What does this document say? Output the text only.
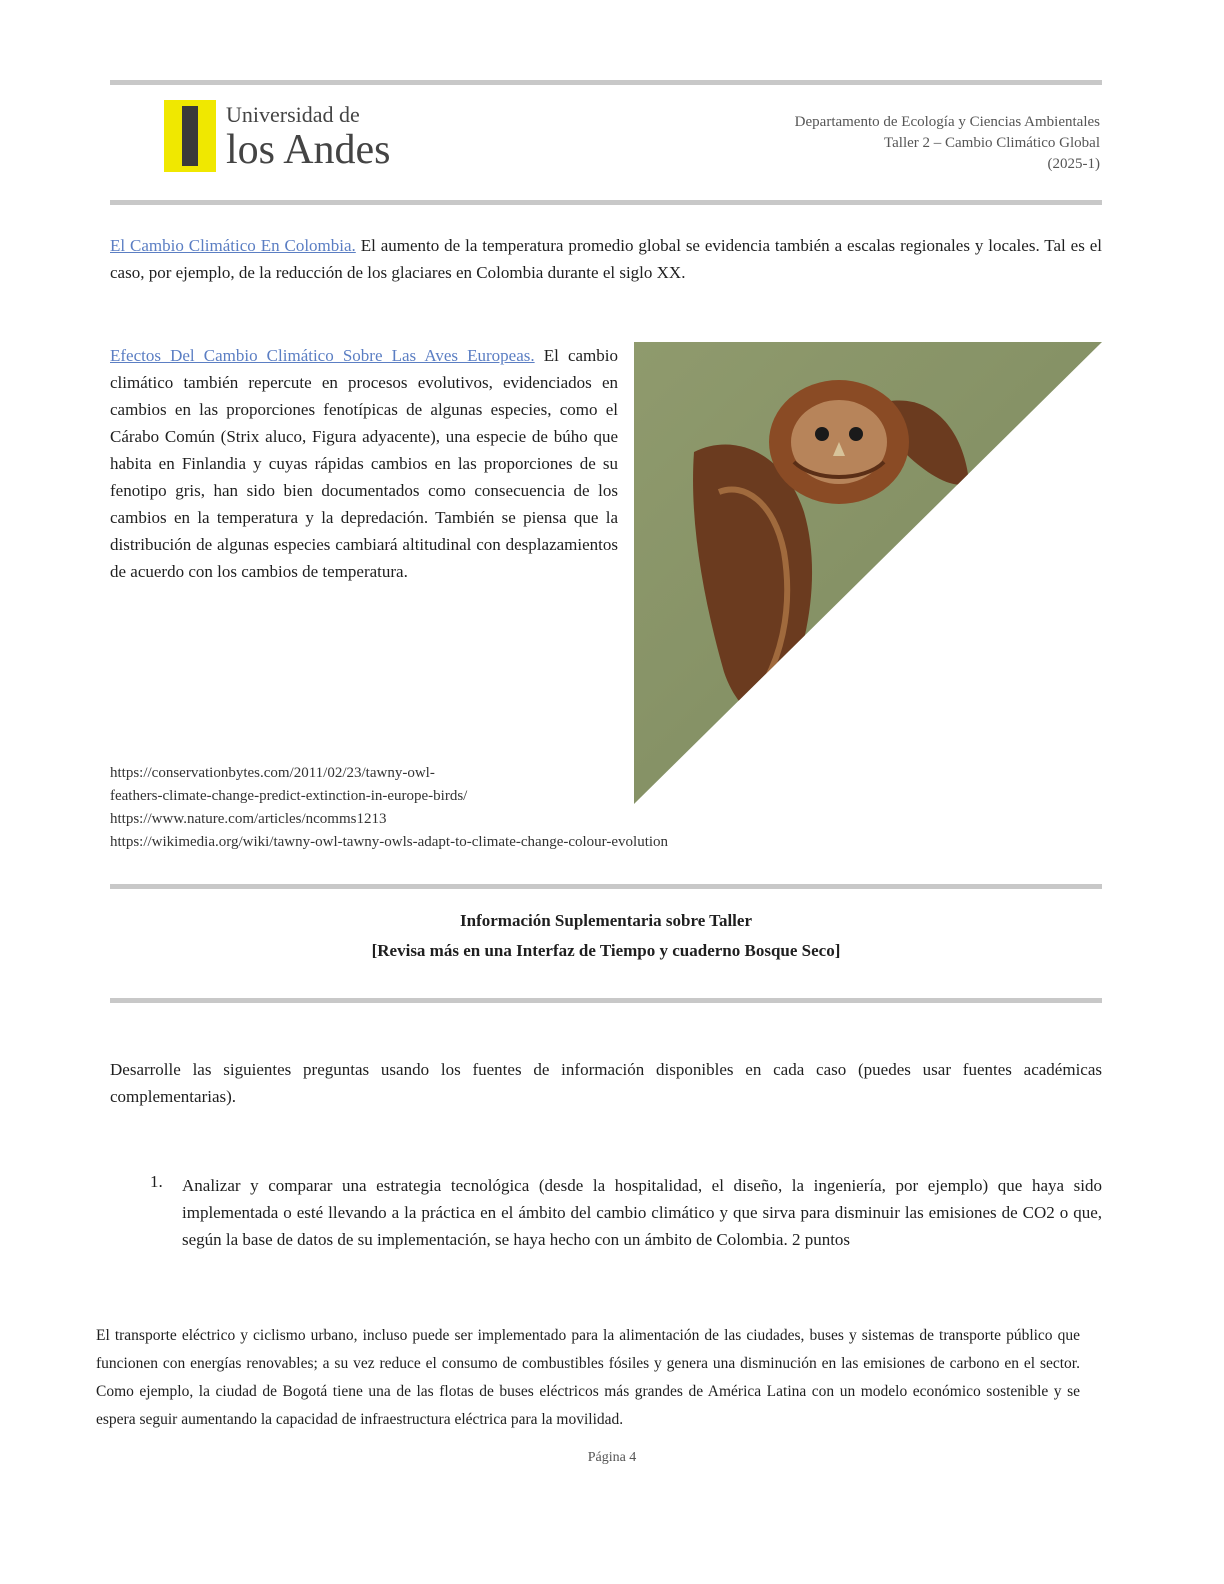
Universidad de
los Andes
Departamento de Ecología y Ciencias Ambientales
Taller 2 – Cambio Climático Global
(2025-1)
El Cambio Climático En Colombia. El aumento de la temperatura promedio global se evidencia también a escalas regionales y locales. Tal es el caso, por ejemplo, de la reducción de los glaciares en Colombia durante el siglo XX.
Efectos Del Cambio Climático Sobre Las Aves Europeas. El cambio climático también repercute en procesos evolutivos, evidenciados en cambios en las proporciones fenotípicas de algunas especies, como el Cárabo Común (Strix aluco, Figura adyacente), una especie de búho que habita en Finlandia y cuyas rápidas cambios en las proporciones de su fenotipo gris, han sido bien documentados como consecuencia de los cambios en la temperatura y la depredación. También se piensa que la distribución de algunas especies cambiará altitudinal con desplazamientos de acuerdo con los cambios de temperatura.
https://conservationbytes.com/2011/02/23/tawny-owl-
feathers-climate-change-predict-extinction-in-europe-birds/
https://www.nature.com/articles/ncomms1213
https://wikimedia.org/wiki/tawny-owl-tawny-owls-adapt-to-climate-change-colour-evolution
Información Suplementaria sobre Taller
[Revisa más en una Interfaz de Tiempo y cuaderno Bosque Seco]
Desarrolle las siguientes preguntas usando los fuentes de información disponibles en cada caso (puedes usar fuentes académicas complementarias).
1. Analizar y comparar una estrategia tecnológica (desde la hospitalidad, el diseño, la ingeniería, por ejemplo) que haya sido implementada o esté llevando a la práctica en el ámbito del cambio climático y que sirva para disminuir las emisiones de CO2 o que, según la base de datos de su implementación, se haya hecho con un ámbito de Colombia. 2 puntos
El transporte eléctrico y ciclismo urbano, incluso puede ser implementado para la alimentación de las ciudades, buses y sistemas de transporte público que funcionen con energías renovables; a su vez reduce el consumo de combustibles fósiles y genera una disminución en las emisiones de carbono en el sector. Como ejemplo, la ciudad de Bogotá tiene una de las flotas de buses eléctricos más grandes de América Latina con un modelo económico sostenible y se espera seguir aumentando la capacidad de infraestructura eléctrica para la movilidad.
Página 4
